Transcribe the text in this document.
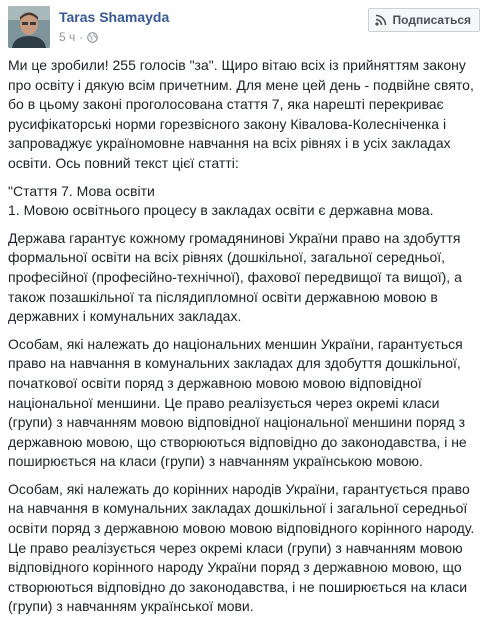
Taras Shamayda
5 ч ·
Подписаться

Ми це зробили! 255 голосів "за". Щиро вітаю всіх із прийняттям закону про освіту і дякую всім причетним. Для мене цей день - подвійне свято, бо в цьому законі проголосована стаття 7, яка нарешті перекриває русифікаторські норми горезвісного закону Ківалова-Колесніченка і запроваджує україномовне навчання на всіх рівнях і в усіх закладах освіти. Ось повний текст цієї статті:

"Стаття 7. Мова освіти
1. Мовою освітнього процесу в закладах освіти є державна мова.

Держава гарантує кожному громадянинові України право на здобуття формальної освіти на всіх рівнях (дошкільної, загальної середньої, професійної (професійно-технічної), фахової передвищої та вищої), а також позашкільної та післядипломної освіти державною мовою в державних і комунальних закладах.

Особам, які належать до національних меншин України, гарантується право на навчання в комунальних закладах для здобуття дошкільної, початкової освіти поряд з державною мовою мовою відповідної національної меншини. Це право реалізується через окремі класи (групи) з навчанням мовою відповідної національної меншини поряд з державною мовою, що створюються відповідно до законодавства, і не поширюється на класи (групи) з навчанням українською мовою.

Особам, які належать до корінних народів України, гарантується право на навчання в комунальних закладах дошкільної і загальної середньої освіти поряд з державною мовою мовою відповідного корінного народу. Це право реалізується через окремі класи (групи) з навчанням мовою відповідного корінного народу України поряд з державною мовою, що створюються відповідно до законодавства, і не поширюється на класи (групи) з навчанням української мови.
